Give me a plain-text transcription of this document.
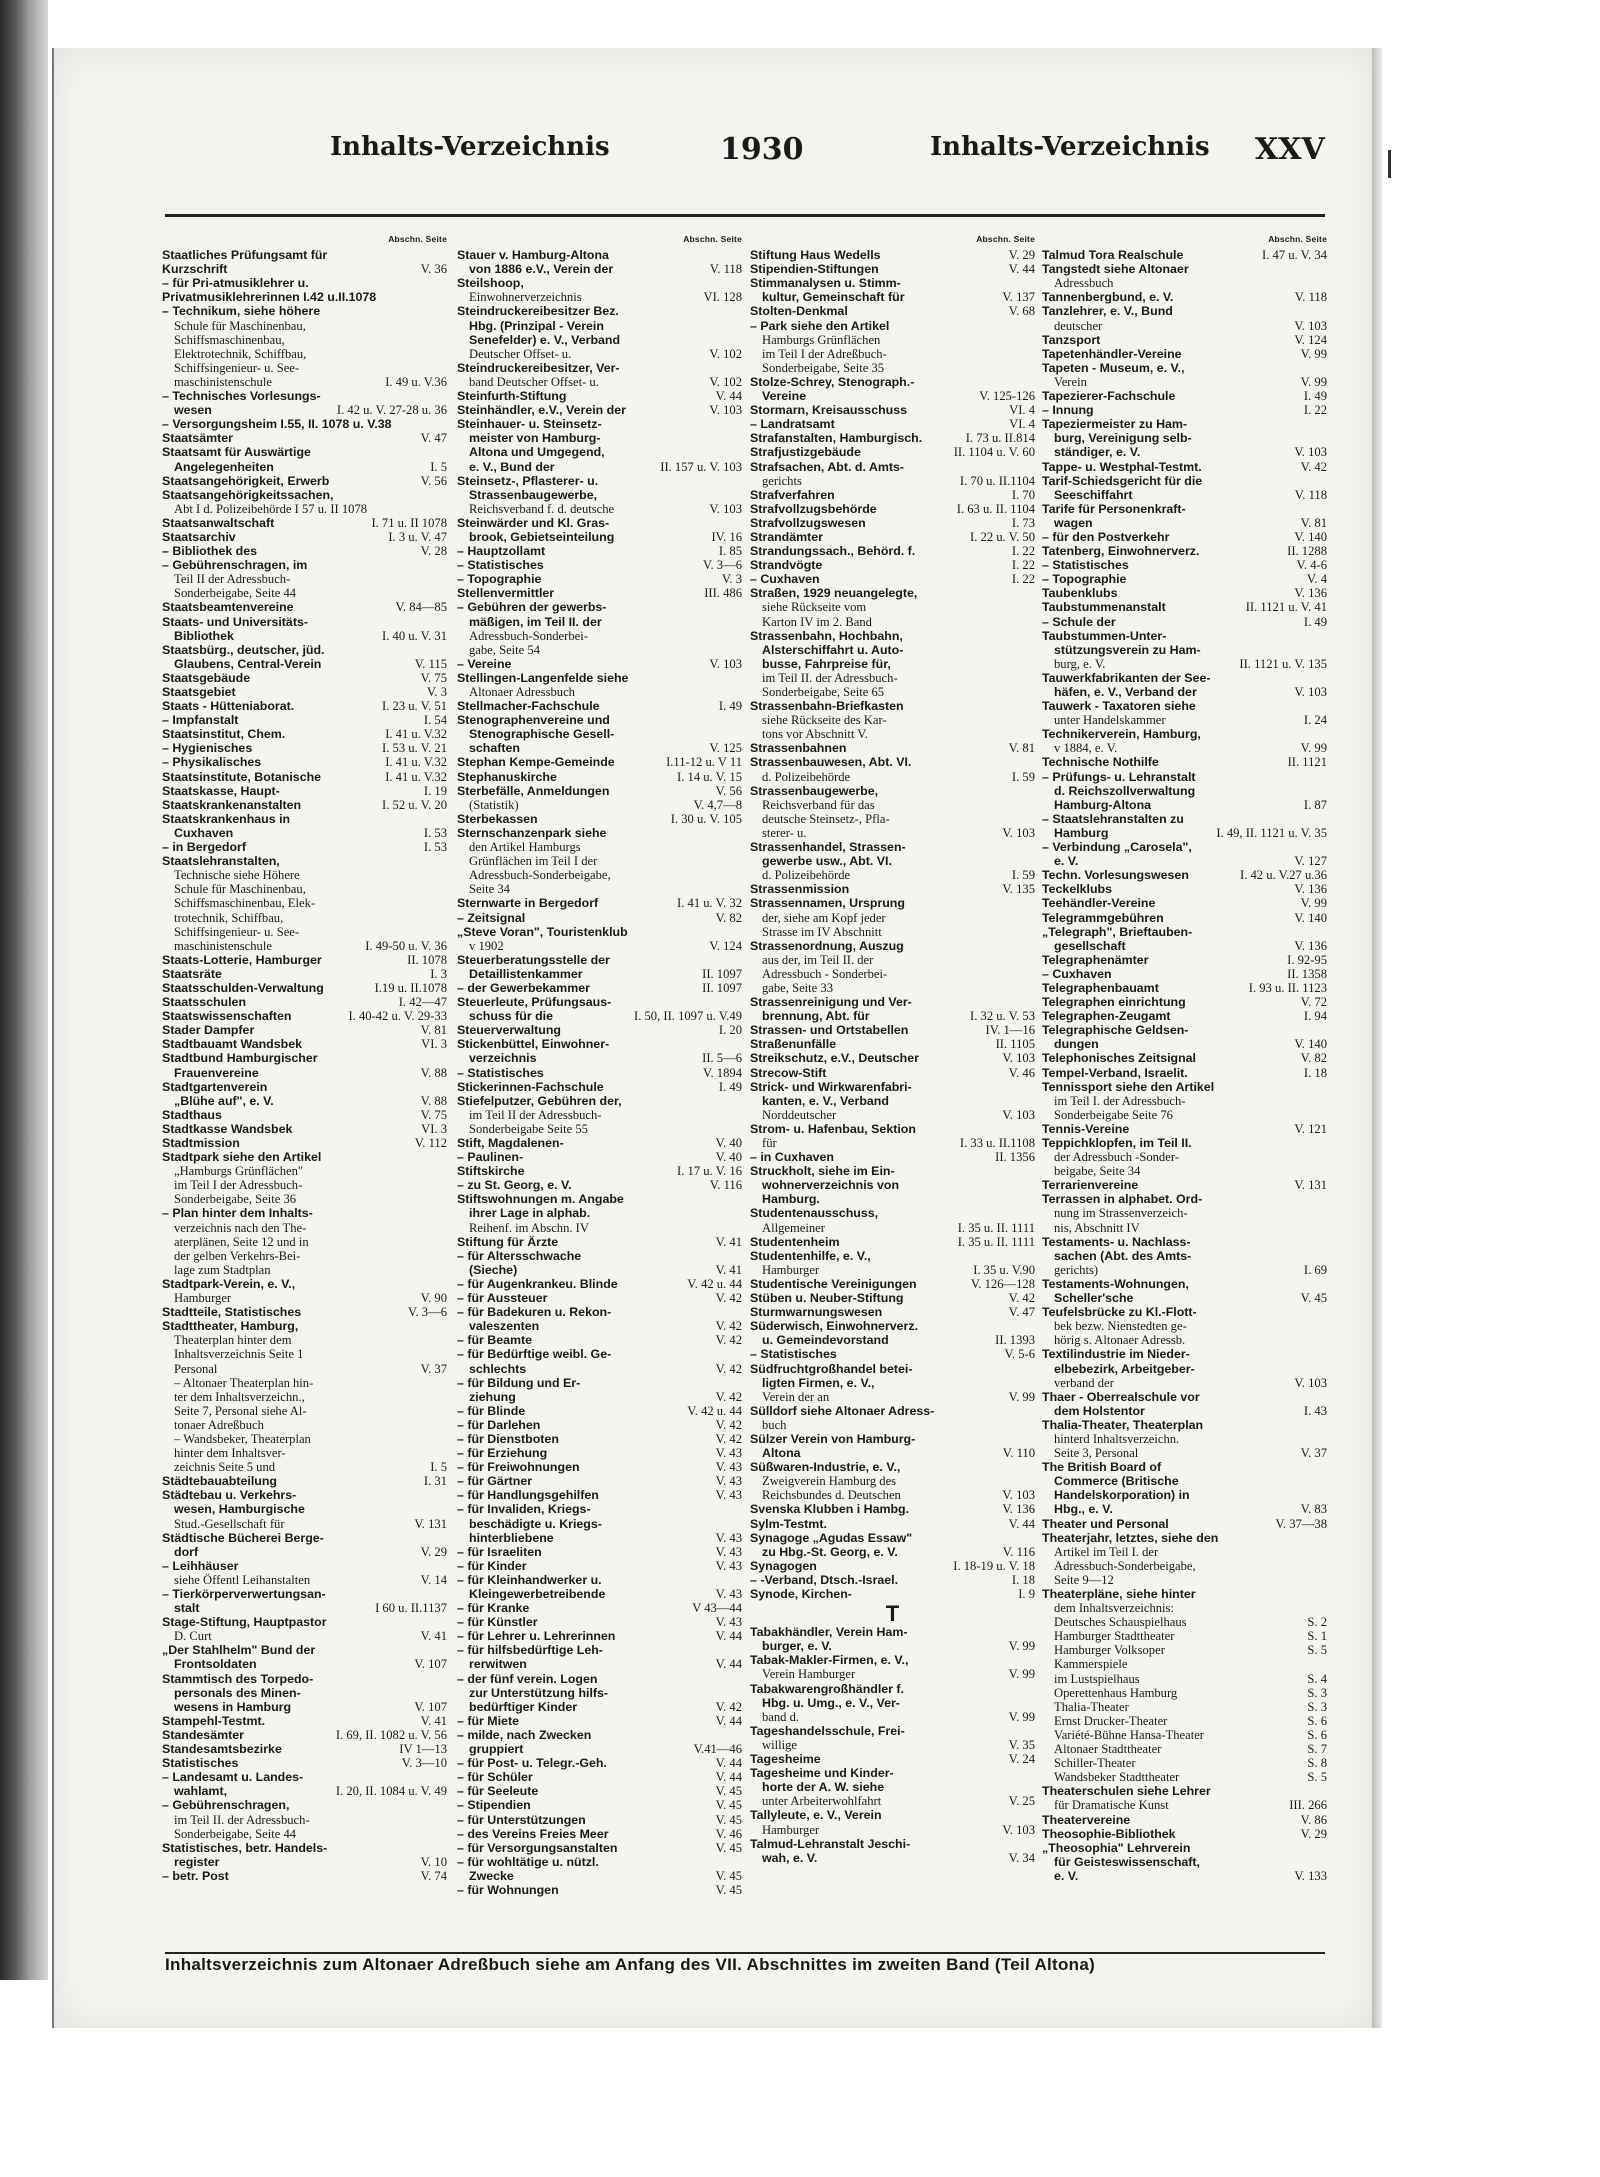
Inhalts-Verzeichnis	1930	Inhalts-Verzeichnis XXV
Abschn. Seite
Staatliches Prüfungsamt für
Kurzschrift	V. 36
– für Pri-atmusiklehrer u.
Privatmusiklehrerinnen I.42 u.II.1078
– Technikum, siehe höhere
Schule für Maschinenbau,
Schiffsmaschinenbau,
Elektrotechnik, Schiffbau,
Schiffsingenieur- u. See-
maschinistenschule	I. 49 u. V.36
– Technisches Vorlesungs-
wesen	I. 42 u. V. 27-28 u. 36
– Versorgungsheim I.55, II. 1078 u. V.38
Staatsämter	V. 47
Staatsamt für Auswärtige
Angelegenheiten	I. 5
Staatsangehörigkeit, Erwerb	V. 56
Staatsangehörigkeitssachen,
Abt I d. Polizeibehörde I 57 u. II 1078
Staatsanwaltschaft	I. 71 u. II 1078
Staatsarchiv	I. 3 u. V. 47
– Bibliothek des	V. 28
– Gebührenschragen, im
Teil II der Adressbuch-
Sonderbeigabe, Seite 44
Staatsbeamtenvereine	V. 84—85
Staats- und Universitäts-
Bibliothek	I. 40 u. V. 31
Staatsbürg., deutscher, jüd.
Glaubens, Central-Verein	V. 115
Staatsgebäude	V. 75
Staatsgebiet	V. 3
Staats - Hütteniaborat.	I. 23 u. V. 51
– Impfanstalt	I. 54
Staatsinstitut, Chem.	I. 41 u. V.32
– Hygienisches	I. 53 u. V. 21
– Physikalisches	I. 41 u. V.32
Staatsinstitute, Botanische	I. 41 u. V.32
Staatskasse, Haupt-	I. 19
Staatskrankenanstalten	I. 52 u. V. 20
Staatskrankenhaus in
Cuxhaven	I. 53
– in Bergedorf	I. 53
Staatslehranstalten,
Technische siehe Höhere
Schule für Maschinenbau,
Schiffsmaschinenbau, Elek-
trotechnik, Schiffbau,
Schiffsingenieur- u. See-
maschinistenschule	I. 49-50 u. V. 36
Staats-Lotterie, Hamburger	II. 1078
Staatsräte	I. 3
Staatsschulden-Verwaltung	I.19 u. II.1078
Staatsschulen	I. 42—47
Staatswissenschaften	I. 40-42 u. V. 29-33
Stader Dampfer	V. 81
Stadtbauamt Wandsbek	VI. 3
Stadtbund Hamburgischer
Frauenvereine	V. 88
Stadtgartenverein
„Blühe auf", e. V.	V. 88
Stadthaus	V. 75
Stadtkasse Wandsbek	VI. 3
Stadtmission	V. 112
Stadtpark siehe den Artikel
„Hamburgs Grünflächen"
im Teil I der Adressbuch-
Sonderbeigabe, Seite 36
– Plan hinter dem Inhalts-
verzeichnis nach den The-
aterplänen, Seite 12 und in
der gelben Verkehrs-Bei-
lage zum Stadtplan
Stadtpark-Verein, e. V.,
Hamburger	V. 90
Stadtteile, Statistisches	V. 3—6
Stadttheater, Hamburg,
Theaterplan hinter dem
Inhaltsverzeichnis Seite 1
Personal	V. 37
– Altonaer Theaterplan hin-
ter dem Inhaltsverzeichn.,
Seite 7, Personal siehe Al-
tonaer Adreßbuch
– Wandsbeker, Theaterplan
hinter dem Inhaltsver-
zeichnis Seite 5 und	I. 5
Städtebauabteilung	I. 31
Städtebau u. Verkehrs-
wesen, Hamburgische
Stud.-Gesellschaft für	V. 131
Städtische Bücherei Berge-
dorf	V. 29
– Leihhäuser
siehe Öffentl Leihanstalten	V. 14
– Tierkörperverwertungsan-
stalt	I 60 u. II.1137
Stage-Stiftung, Hauptpastor
D. Curt	V. 41
„Der Stahlhelm" Bund der
Frontsoldaten	V. 107
Stammtisch des Torpedo-
personals des Minen-
wesens in Hamburg	V. 107
Stampehl-Testmt.	V. 41
Standesämter	I. 69, II. 1082 u. V. 56
Standesamtsbezirke	IV 1—13
Statistisches	V. 3—10
– Landesamt u. Landes-
wahlamt,	I. 20, II. 1084 u. V. 49
– Gebührenschragen,
im Teil II. der Adressbuch-
Sonderbeigabe, Seite 44
Statistisches, betr. Handels-
register	V. 10
– betr. Post	V. 74
Abschn. Seite
Stauer v. Hamburg-Altona
von 1886 e.V., Verein der	V. 118
Steilshoop,
Einwohnerverzeichnis	VI. 128
Steindruckereibesitzer Bez.
Hbg. (Prinzipal - Verein
Senefelder) e. V., Verband
Deutscher Offset- u.	V. 102
Steindruckereibesitzer, Ver-
band Deutscher Offset- u.	V. 102
Steinfurth-Stiftung	V. 44
Steinhändler, e.V., Verein der	V. 103
Steinhauer- u. Steinsetz-
meister von Hamburg-
Altona und Umgegend,
e. V., Bund der	II. 157 u. V. 103
Steinsetz-, Pflasterer- u.
Strassenbaugewerbe,
Reichsverband f. d. deutsche	V. 103
Steinwärder und Kl. Gras-
brook, Gebietseinteilung	IV. 16
– Hauptzollamt	I. 85
– Statistisches	V. 3—6
– Topographie	V. 3
Stellenvermittler	III. 486
– Gebühren der gewerbs-
mäßigen, im Teil II. der
Adressbuch-Sonderbei-
gabe, Seite 54
– Vereine	V. 103
Stellingen-Langenfelde siehe
Altonaer Adressbuch
Stellmacher-Fachschule	I. 49
Stenographenvereine und
Stenographische Gesell-
schaften	V. 125
Stephan Kempe-Gemeinde	I.11-12 u. V 11
Stephanuskirche	I. 14 u. V. 15
Sterbefälle, Anmeldungen	V. 56
(Statistik)	V. 4,7—8
Sterbekassen	I. 30 u. V. 105
Sternschanzenpark siehe
den Artikel Hamburgs
Grünflächen im Teil I der
Adressbuch-Sonderbeigabe,
Seite 34
Sternwarte in Bergedorf	I. 41 u. V. 32
– Zeitsignal	V. 82
„Steve Voran", Touristenklub
v 1902	V. 124
Steuerberatungsstelle der
Detaillistenkammer	II. 1097
– der Gewerbekammer	II. 1097
Steuerleute, Prüfungsaus-
schuss für die	I. 50, II. 1097 u. V.49
Steuerverwaltung	I. 20
Stickenbüttel, Einwohner-
verzeichnis	II. 5—6
– Statistisches	V. 1894
Stickerinnen-Fachschule	I. 49
Stiefelputzer, Gebühren der,
im Teil II der Adressbuch-
Sonderbeigabe Seite 55
Stift, Magdalenen-	V. 40
– Paulinen-	V. 40
Stiftskirche	I. 17 u. V. 16
– zu St. Georg, e. V.	V. 116
Stiftswohnungen m. Angabe
ihrer Lage in alphab.
Reihenf. im Abschn. IV
Stiftung für Ärzte	V. 41
– für Altersschwache
(Sieche)	V. 41
– für Augenkrankeu. Blinde	V. 42 u. 44
– für Aussteuer	V. 42
– für Badekuren u. Rekon-
valeszenten	V. 42
– für Beamte	V. 42
– für Bedürftige weibl. Ge-
schlechts	V. 42
– für Bildung und Er-
ziehung	V. 42
– für Blinde	V. 42 u. 44
– für Darlehen	V. 42
– für Dienstboten	V. 42
– für Erziehung	V. 43
– für Freiwohnungen	V. 43
– für Gärtner	V. 43
– für Handlungsgehilfen	V. 43
– für Invaliden, Kriegs-
beschädigte u. Kriegs-
hinterbliebene	V. 43
– für Israeliten	V. 43
– für Kinder	V. 43
– für Kleinhandwerker u.
Kleingewerbetreibende	V. 43
– für Kranke	V 43—44
– für Künstler	V. 43
– für Lehrer u. Lehrerinnen	V. 44
– für hilfsbedürftige Leh-
rerwitwen	V. 44
– der fünf verein. Logen
zur Unterstützung hilfs-
bedürftiger Kinder	V. 42
– für Miete	V. 44
– milde, nach Zwecken
gruppiert	V.41—46
– für Post- u. Telegr.-Geh.	V. 44
– für Schüler	V. 44
– für Seeleute	V. 45
– Stipendien	V. 45
– für Unterstützungen	V. 45
– des Vereins Freies Meer	V. 46
– für Versorgungsanstalten	V. 45
– für wohltätige u. nützl.
Zwecke	V. 45
– für Wohnungen	V. 45
Abschn. Seite
Stiftung Haus Wedells	V. 29
Stipendien-Stiftungen	V. 44
Stimmanalysen u. Stimm-
kultur, Gemeinschaft für	V. 137
Stolten-Denkmal	V. 68
– Park siehe den Artikel
Hamburgs Grünflächen
im Teil I der Adreßbuch-
Sonderbeigabe, Seite 35
Stolze-Schrey, Stenograph.-
Vereine	V. 125-126
Stormarn, Kreisausschuss	VI. 4
– Landratsamt	VI. 4
Strafanstalten, Hamburgisch.	I. 73 u. II.814
Strafjustizgebäude	II. 1104 u. V. 60
Strafsachen, Abt. d. Amts-
gerichts	I. 70 u. II.1104
Strafverfahren	I. 70
Strafvollzugsbehörde	I. 63 u. II. 1104
Strafvollzugswesen	I. 73
Strandämter	I. 22 u. V. 50
Strandungssach., Behörd. f.	I. 22
Strandvögte	I. 22
– Cuxhaven	I. 22
Straßen, 1929 neuangelegte,
siehe Rückseite vom
Karton IV im 2. Band
Strassenbahn, Hochbahn,
Alsterschiffahrt u. Auto-
busse, Fahrpreise für,
im Teil II. der Adressbuch-
Sonderbeigabe, Seite 65
Strassenbahn-Briefkasten
siehe Rückseite des Kar-
tons vor Abschnitt V.
Strassenbahnen	V. 81
Strassenbauwesen, Abt. VI.
d. Polizeibehörde	I. 59
Strassenbaugewerbe,
Reichsverband für das
deutsche Steinsetz-, Pfla-
sterer- u.	V. 103
Strassenhandel, Strassen-
gewerbe usw., Abt. VI.
d. Polizeibehörde	I. 59
Strassenmission	V. 135
Strassennamen, Ursprung
der, siehe am Kopf jeder
Strasse im IV Abschnitt
Strassenordnung, Auszug
aus der, im Teil II. der
Adressbuch - Sonderbei-
gabe, Seite 33
Strassenreinigung und Ver-
brennung, Abt. für	I. 32 u. V. 53
Strassen- und Ortstabellen	IV. 1—16
Straßenunfälle	II. 1105
Streikschutz, e.V., Deutscher	V. 103
Strecow-Stift	V. 46
Strick- und Wirkwarenfabri-
kanten, e. V., Verband
Norddeutscher	V. 103
Strom- u. Hafenbau, Sektion
für	I. 33 u. II.1108
– in Cuxhaven	II. 1356
Struckholt, siehe im Ein-
wohnerverzeichnis von
Hamburg.
Studentenausschuss,
Allgemeiner	I. 35 u. II. 1111
Studentenheim	I. 35 u. II. 1111
Studentenhilfe, e. V.,
Hamburger	I. 35 u. V.90
Studentische Vereinigungen	V. 126—128
Stüben u. Neuber-Stiftung	V. 42
Sturmwarnungswesen	V. 47
Süderwisch, Einwohnerverz.
u. Gemeindevorstand	II. 1393
– Statistisches	V. 5-6
Südfruchtgroßhandel betei-
ligten Firmen, e. V.,
Verein der an	V. 99
Sülldorf siehe Altonaer Adress-
buch
Sülzer Verein von Hamburg-
Altona	V. 110
Süßwaren-Industrie, e. V.,
Zweigverein Hamburg des
Reichsbundes d. Deutschen	V. 103
Svenska Klubben i Hambg.	V. 136
Sylm-Testmt.	V. 44
Synagoge „Agudas Essaw"
zu Hbg.-St. Georg, e. V.	V. 116
Synagogen	I. 18-19 u. V. 18
– -Verband, Dtsch.-Israel.	I. 18
Synode, Kirchen-	I. 9
T
Tabakhändler, Verein Ham-
burger, e. V.	V. 99
Tabak-Makler-Firmen, e. V.,
Verein Hamburger	V. 99
Tabakwarengroßhändler f.
Hbg. u. Umg., e. V., Ver-
band d.	V. 99
Tageshandelsschule, Frei-
willige	V. 35
Tagesheime	V. 24
Tagesheime und Kinder-
horte der A. W. siehe
unter Arbeiterwohlfahrt	V. 25
Tallyleute, e. V., Verein
Hamburger	V. 103
Talmud-Lehranstalt Jeschi-
wah, e. V.	V. 34
Abschn. Seite
Talmud Tora Realschule	I. 47 u. V. 34
Tangstedt siehe Altonaer
Adressbuch
Tannenbergbund, e. V.	V. 118
Tanzlehrer, e. V., Bund
deutscher	V. 103
Tanzsport	V. 124
Tapetenhändler-Vereine	V. 99
Tapeten - Museum, e. V.,
Verein	V. 99
Tapezierer-Fachschule	I. 49
– Innung	I. 22
Tapeziermeister zu Ham-
burg, Vereinigung selb-
ständiger, e. V.	V. 103
Tappe- u. Westphal-Testmt.	V. 42
Tarif-Schiedsgericht für die
Seeschiffahrt	V. 118
Tarife für Personenkraft-
wagen	V. 81
– für den Postverkehr	V. 140
Tatenberg, Einwohnerverz.	II. 1288
– Statistisches	V. 4-6
– Topographie	V. 4
Taubenklubs	V. 136
Taubstummenanstalt	II. 1121 u. V. 41
– Schule der	I. 49
Taubstummen-Unter-
stützungsverein zu Ham-
burg, e. V.	II. 1121 u. V. 135
Tauwerkfabrikanten der See-
häfen, e. V., Verband der	V. 103
Tauwerk - Taxatoren siehe
unter Handelskammer	I. 24
Technikerverein, Hamburg,
v 1884, e. V.	V. 99
Technische Nothilfe	II. 1121
– Prüfungs- u. Lehranstalt
d. Reichszollverwaltung
Hamburg-Altona	I. 87
– Staatslehranstalten zu
Hamburg	I. 49, II. 1121 u. V. 35
– Verbindung „Carosela",
e. V.	V. 127
Techn. Vorlesungswesen	I. 42 u. V.27 u.36
Teckelklubs	V. 136
Teehändler-Vereine	V. 99
Telegrammgebühren	V. 140
„Telegraph", Brieftauben-
gesellschaft	V. 136
Telegraphenämter	I. 92-95
– Cuxhaven	II. 1358
Telegraphenbauamt	I. 93 u. II. 1123
Telegraphen einrichtung	V. 72
Telegraphen-Zeugamt	I. 94
Telegraphische Geldsen-
dungen	V. 140
Telephonisches Zeitsignal	V. 82
Tempel-Verband, Israelit.	I. 18
Tennissport siehe den Artikel
im Teil I. der Adressbuch-
Sonderbeigabe Seite 76
Tennis-Vereine	V. 121
Teppichklopfen, im Teil II.
der Adressbuch -Sonder-
beigabe, Seite 34
Terrarienvereine	V. 131
Terrassen in alphabet. Ord-
nung im Strassenverzeich-
nis, Abschnitt IV
Testaments- u. Nachlass-
sachen (Abt. des Amts-
gerichts)	I. 69
Testaments-Wohnungen,
Scheller'sche	V. 45
Teufelsbrücke zu Kl.-Flott-
bek bezw. Nienstedten ge-
hörig s. Altonaer Adressb.
Textilindustrie im Nieder-
elbebezirk, Arbeitgeber-
verband der	V. 103
Thaer - Oberrealschule vor
dem Holstentor	I. 43
Thalia-Theater, Theaterplan
hinterd Inhaltsverzeichn.
Seite 3, Personal	V. 37
The British Board of
Commerce (Britische
Handelskorporation) in
Hbg., e. V.	V. 83
Theater und Personal	V. 37—38
Theaterjahr, letztes, siehe den
Artikel im Teil I. der
Adressbuch-Sonderbeigabe,
Seite 9—12
Theaterpläne, siehe hinter
dem Inhaltsverzeichnis:
Deutsches Schauspielhaus	S. 2
Hamburger Stadttheater	S. 1
Hamburger Volksoper	S. 5
Kammerspiele
im Lustspielhaus	S. 4
Operettenhaus Hamburg	S. 3
Thalia-Theater	S. 3
Ernst Drucker-Theater	S. 6
Variété-Bühne Hansa-Theater	S. 6
Altonaer Stadttheater	S. 7
Schiller-Theater	S. 8
Wandsbeker Stadttheater	S. 5
Theaterschulen siehe Lehrer
für Dramatische Kunst	III. 266
Theatervereine	V. 86
Theosophie-Bibliothek	V. 29
„Theosophia" Lehrverein
für Geisteswissenschaft,
e. V.	V. 133
Inhaltsverzeichnis zum Altonaer Adreßbuch siehe am Anfang des VII. Abschnittes im zweiten Band (Teil Altona)
